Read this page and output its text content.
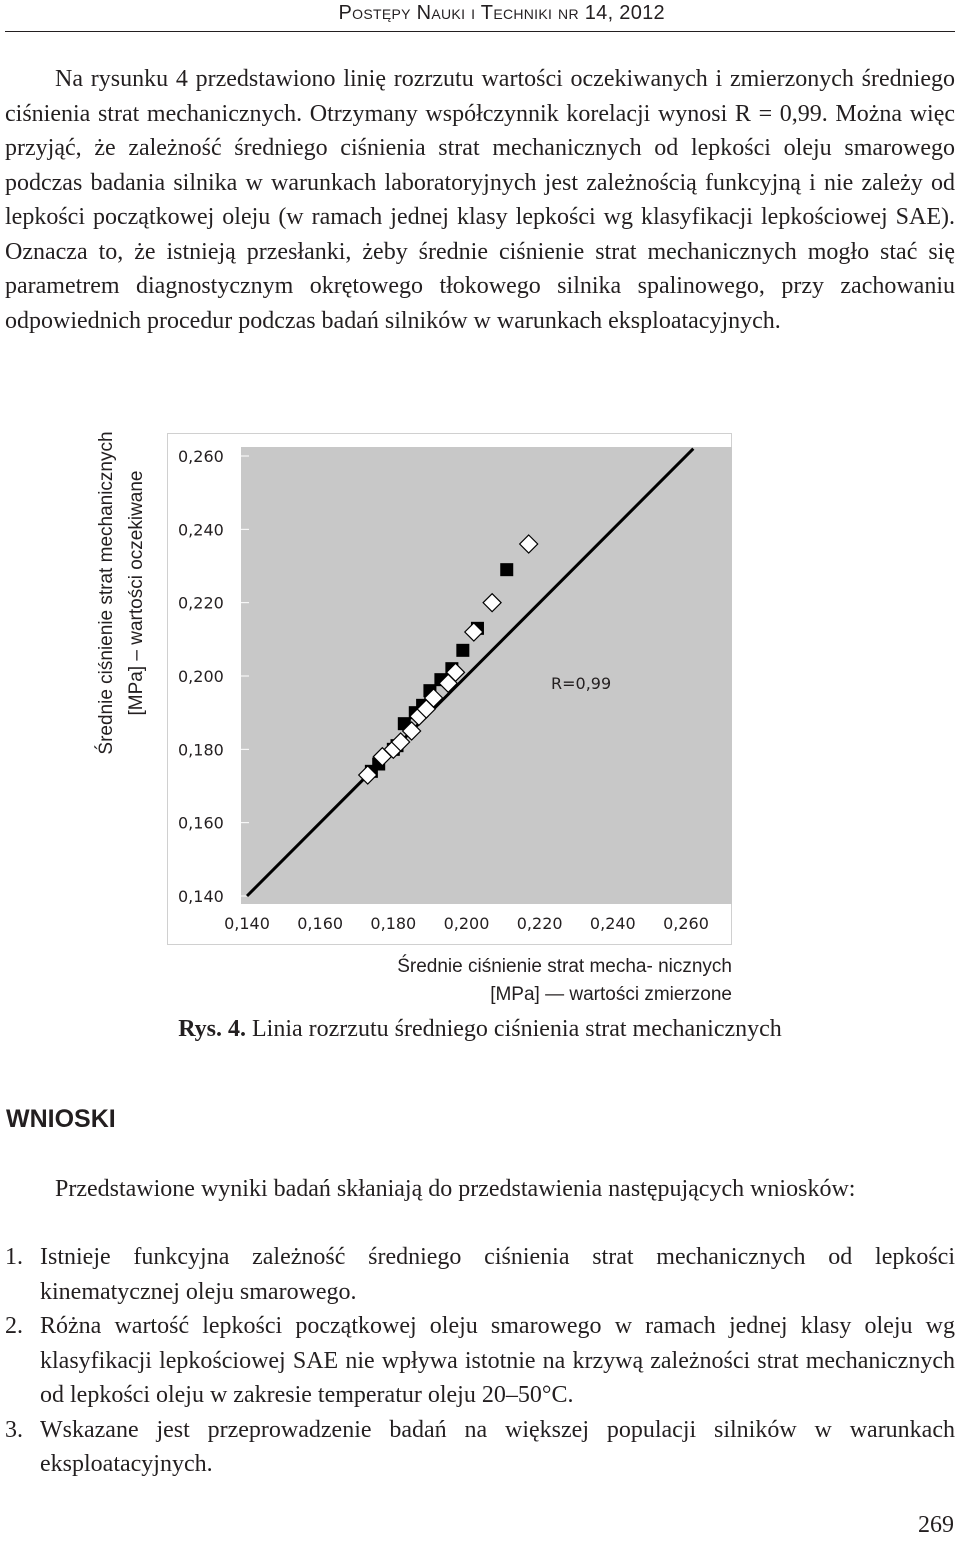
Postępy Nauki i Techniki nr 14, 2012

Na rysunku 4 przedstawiono linię rozrzutu wartości oczekiwanych i zmierzonych średniego ciśnienia strat mechanicznych. Otrzymany współczynnik korelacji wynosi R = 0,99. Można więc przyjąć, że zależność średniego ciśnienia strat mechanicznych od lepkości oleju smarowego podczas badania silnika w warunkach laboratoryjnych jest zależnością funkcyjną i nie zależy od lepkości początkowej oleju (w ramach jednej klasy lepkości wg klasyfikacji lepkościowej SAE). Oznacza to, że istnieją przesłanki, żeby średnie ciśnienie strat mechanicznych mogło stać się parametrem diagnostycznym okrętowego tłokowego silnika spalinowego, przy zachowaniu odpowiednich procedur podczas badań silników w warunkach eksploatacyjnych.

Średnie ciśnienie strat mechanicznych [MPa] – wartości oczekiwane
0,260
0,240
0,220
0,200
0,180
0,160
0,140
0,140 0,160 0,180 0,200 0,220 0,240 0,260
R=0,99
Średnie ciśnienie strat mecha- nicznych [MPa] — wartości zmierzone
Rys. 4. Linia rozrzutu średniego ciśnienia strat mechanicznych
WNIOSKI

Przedstawione wyniki badań skłaniają do przedstawienia następujących wniosków:

1. Istnieje funkcyjna zależność średniego ciśnienia strat mechanicznych od lepkości kinematycznej oleju smarowego.
2. Różna wartość lepkości początkowej oleju smarowego w ramach jednej klasy oleju wg klasyfikacji lepkościowej SAE nie wpływa istotnie na krzywą zależności strat mechanicznych od lepkości oleju w zakresie temperatur oleju 20–50°C.
3. Wskazane jest przeprowadzenie badań na większej populacji silników w warunkach eksploatacyjnych.
269
